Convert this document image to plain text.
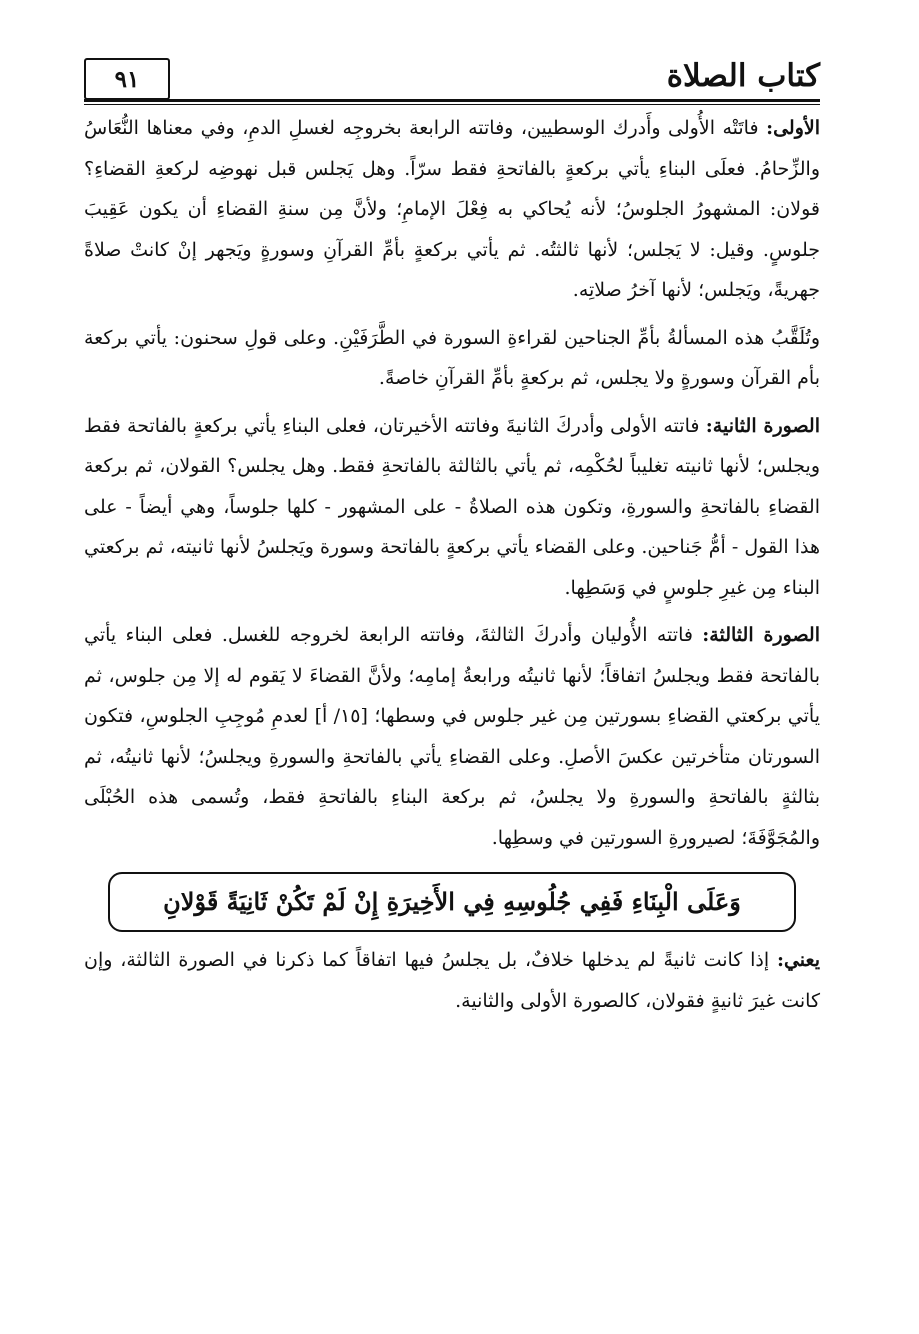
كتاب الصلاة
٩١

الأولى: فاتَتْه الأُولى وأَدرك الوسطيين، وفاتته الرابعة بخروجِه لغسلِ الدمِ، وفي معناها النُّعَاسُ والزِّحامُ. فعلَى البناءِ يأتي بركعةٍ بالفاتحةِ فقط سرّاً. وهل يَجلس قبل نهوضِه لركعةِ القضاءِ؟ قولان: المشهورُ الجلوسُ؛ لأنه يُحاكي به فِعْلَ الإمامِ؛ ولأنَّ مِن سنةِ القضاءِ أن يكون عَقِيبَ جلوسٍ. وقيل: لا يَجلس؛ لأنها ثالثتُه. ثم يأتي بركعةٍ بأمِّ القرآنِ وسورةٍ ويَجهر إنْ كانتْ صلاةً جهريةً، ويَجلس؛ لأنها آخرُ صلاتِه.

وتُلَقَّبُ هذه المسألةُ بأمِّ الجناحين لقراءةِ السورة في الطَّرَفَيْنِ. وعلى قولِ سحنون: يأتي بركعة بأم القرآن وسورةٍ ولا يجلس، ثم بركعةٍ بأمِّ القرآنِ خاصةً.

الصورة الثانية: فاتته الأولى وأدركَ الثانيةَ وفاتته الأخيرتان، فعلى البناءِ يأتي بركعةٍ بالفاتحة فقط ويجلس؛ لأنها ثانيته تغليباً لحُكْمِه، ثم يأتي بالثالثة بالفاتحةِ فقط. وهل يجلس؟ القولان، ثم بركعة القضاءِ بالفاتحةِ والسورةِ، وتكون هذه الصلاةُ - على المشهور - كلها جلوساً، وهي أيضاً - على هذا القول - أمُّ جَناحين. وعلى القضاء يأتي بركعةٍ بالفاتحة وسورة ويَجلسُ لأنها ثانيته، ثم بركعتي البناء مِن غيرِ جلوسٍ في وَسَطِها.

الصورة الثالثة: فاتته الأُوليان وأدركَ الثالثةَ، وفاتته الرابعة لخروجه للغسل. فعلى البناء يأتي بالفاتحة فقط ويجلسُ اتفاقاً؛ لأنها ثانيتُه ورابعةُ إمامِه؛ ولأنَّ القضاءَ لا يَقوم له إلا مِن جلوس، ثم يأتي بركعتي القضاءِ بسورتين مِن غير جلوس في وسطها؛ [١٥/ أ] لعدمِ مُوجِبِ الجلوسِ، فتكون السورتان متأخرتين عكسَ الأصلِ. وعلى القضاءِ يأتي بالفاتحةِ والسورةِ ويجلسُ؛ لأنها ثانيتُه، ثم بثالثةٍ بالفاتحةِ والسورةِ ولا يجلسُ، ثم بركعة البناءِ بالفاتحةِ فقط، وتُسمى هذه الحُبْلَى والمُجَوَّفَةَ؛ لصيرورةِ السورتين في وسطِها.

وَعَلَى الْبِنَاءِ فَفِي جُلُوسِهِ فِي الأَخِيرَةِ إِنْ لَمْ تَكُنْ ثَانِيَةً قَوْلانِ

يعني: إذا كانت ثانيةً لم يدخلها خلافٌ، بل يجلسُ فيها اتفاقاً كما ذكرنا في الصورة الثالثة، وإن كانت غيرَ ثانيةٍ فقولان، كالصورة الأولى والثانية.
